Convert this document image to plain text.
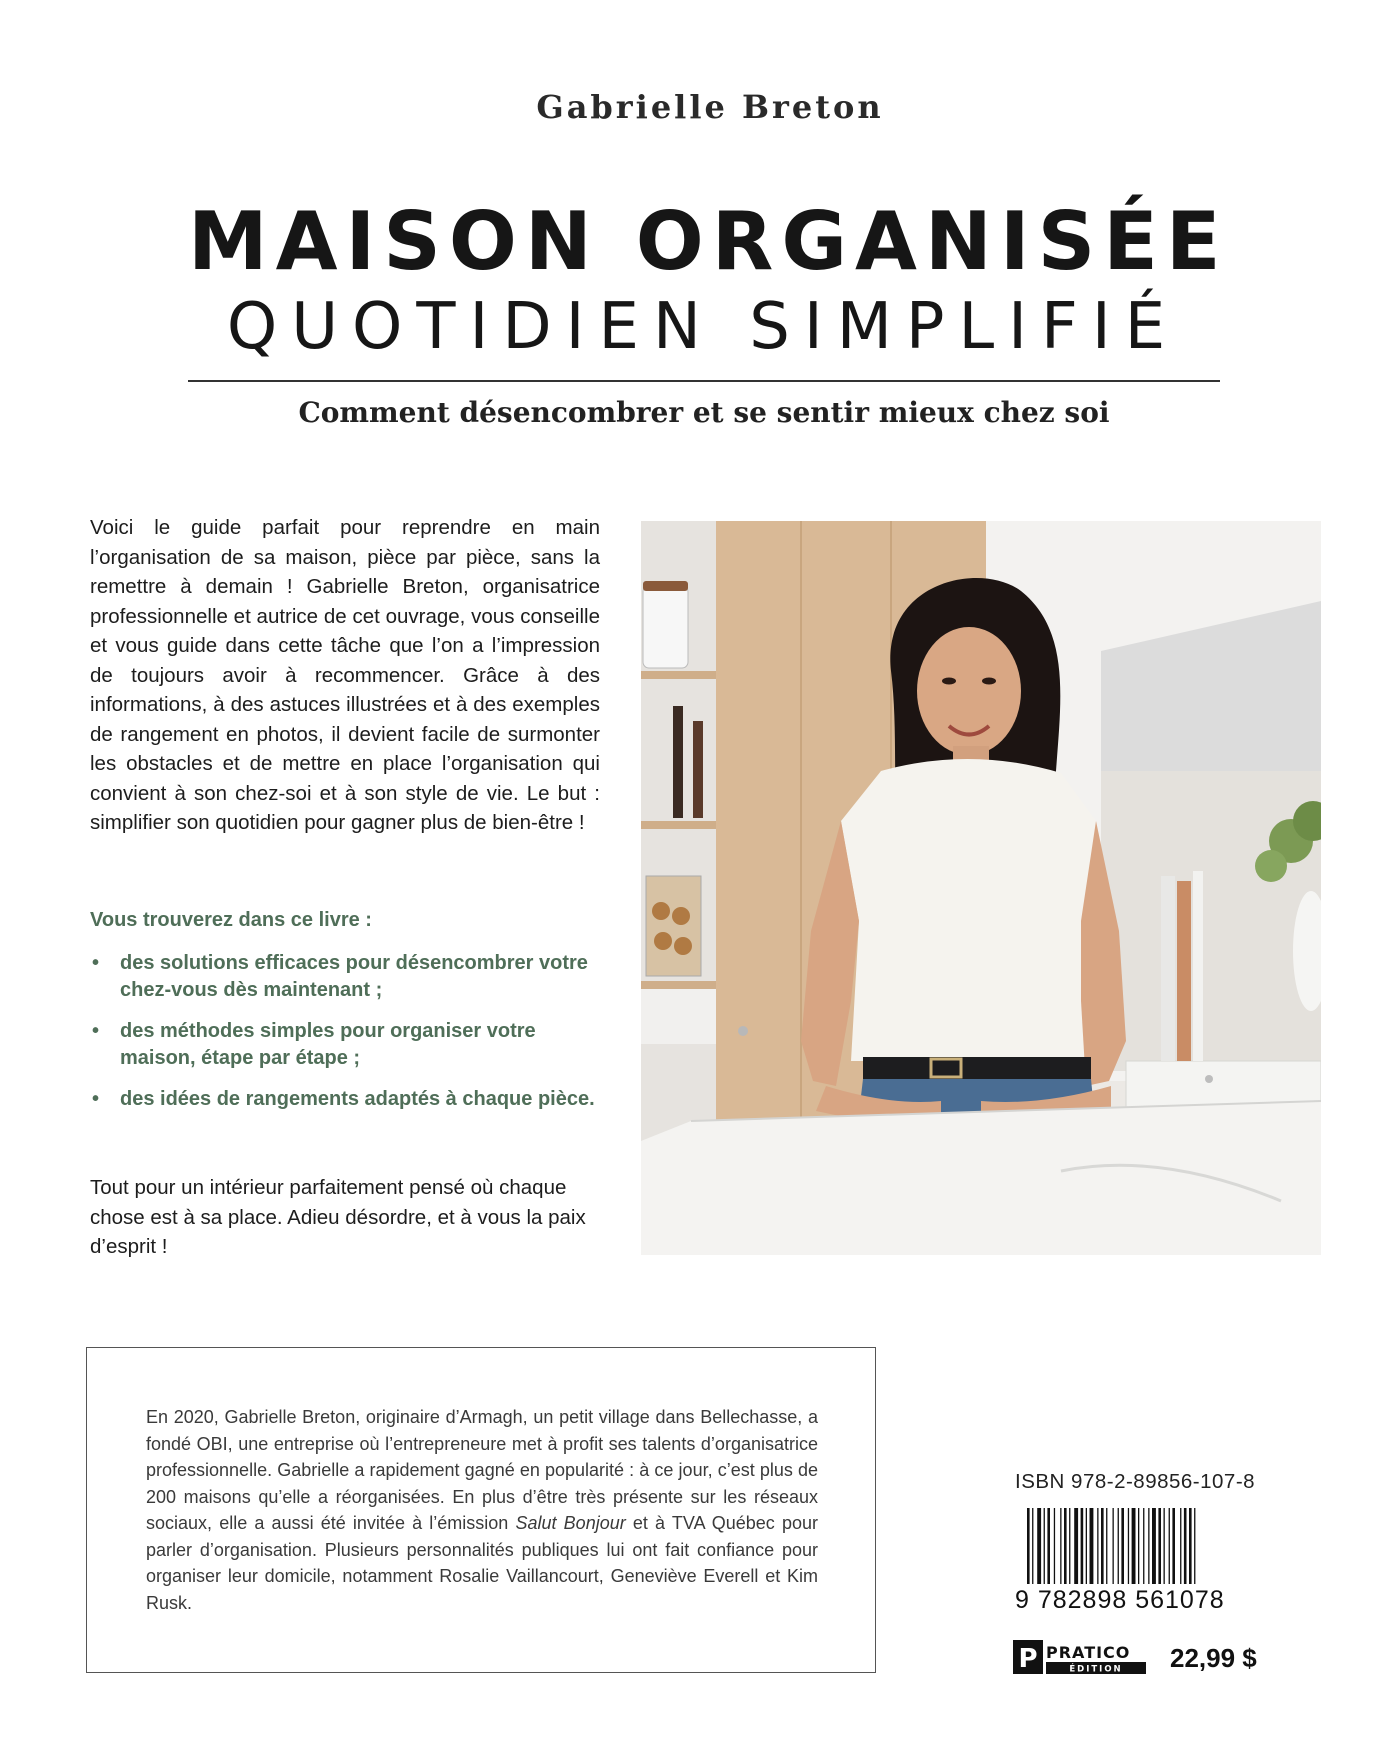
Gabrielle Breton
MAISON ORGANISÉE
QUOTIDIEN SIMPLIFIÉ
Comment désencombrer et se sentir mieux chez soi
Voici le guide parfait pour reprendre en main l’organisation de sa maison, pièce par pièce, sans la remettre à demain ! Gabrielle Breton, organisatrice professionnelle et autrice de cet ouvrage, vous conseille et vous guide dans cette tâche que l’on a l’impression de toujours avoir à recommencer. Grâce à des informations, à des astuces illustrées et à des exemples de rangement en photos, il devient facile de surmonter les obstacles et de mettre en place l’organisation qui convient à son chez-soi et à son style de vie. Le but : simplifier son quotidien pour gagner plus de bien-être !
Vous trouverez dans ce livre :
• des solutions efficaces pour désencombrer votre chez-vous dès maintenant ;
• des méthodes simples pour organiser votre maison, étape par étape ;
• des idées de rangements adaptés à chaque pièce.
Tout pour un intérieur parfaitement pensé où chaque chose est à sa place. Adieu désordre, et à vous la paix d’esprit !
En 2020, Gabrielle Breton, originaire d’Armagh, un petit village dans Bellechasse, a fondé OBI, une entreprise où l’entrepreneure met à profit ses talents d’organisatrice professionnelle. Gabrielle a rapidement gagné en popularité : à ce jour, c’est plus de 200 maisons qu’elle a réorganisées. En plus d’être très présente sur les réseaux sociaux, elle a aussi été invitée à l’émission Salut Bonjour et à TVA Québec pour parler d’organisation. Plusieurs personnalités publiques lui ont fait confiance pour organiser leur domicile, notamment Rosalie Vaillancourt, Geneviève Everell et Kim Rusk.
ISBN 978-2-89856-107-8
9 782898 561078
P PRATICO
ÉDITION 22,99 $
